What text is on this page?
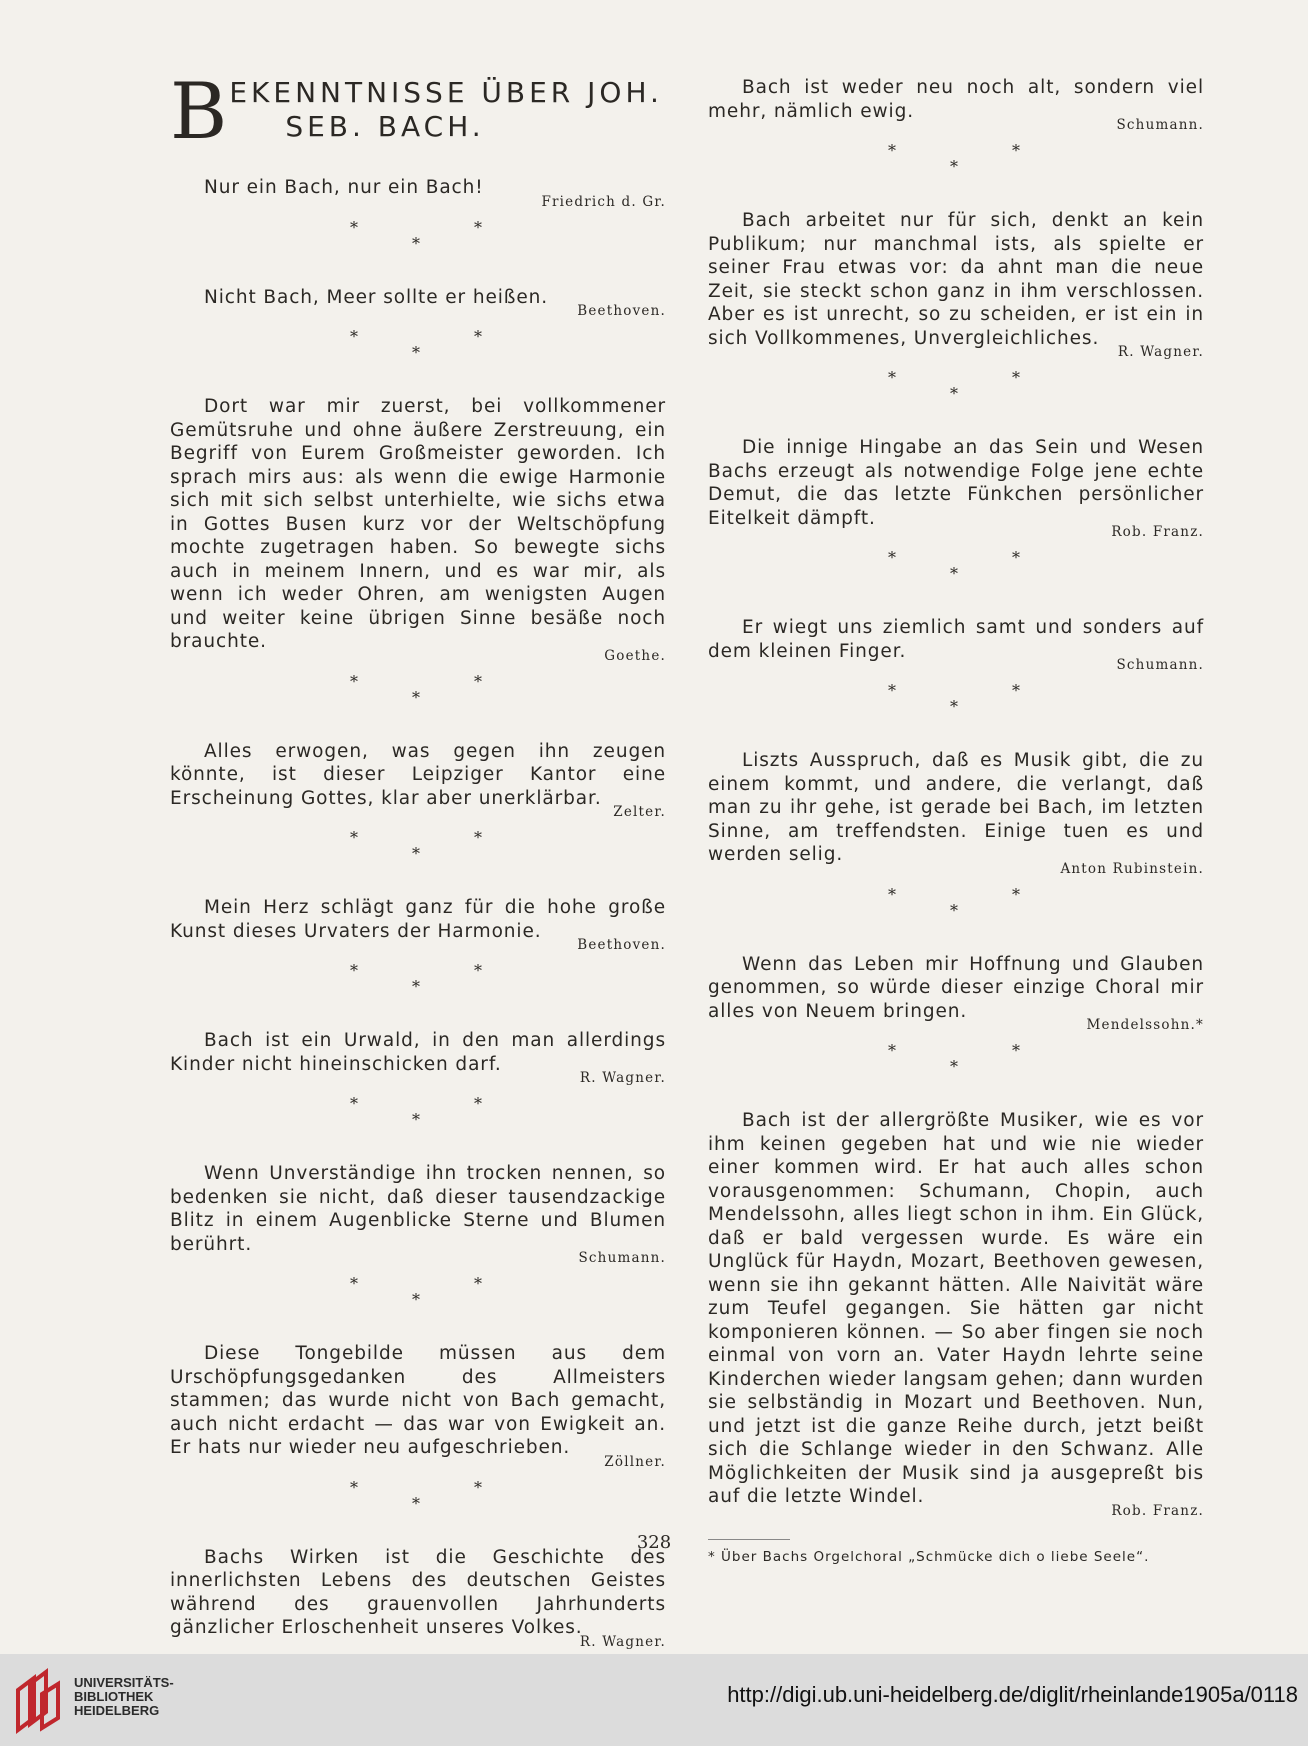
B EKENNTNISSE ÜBER JOH.
SEB. BACH.

Nur ein Bach, nur ein Bach!

Friedrich d. Gr.
*
*
*

Nicht Bach, Meer sollte er heißen.

Beethoven.
*
*
*

Dort war mir zuerst, bei vollkommener Gemütsruhe und ohne äußere Zerstreuung, ein Begriff von Eurem Großmeister geworden. Ich sprach mirs aus: als wenn die ewige Harmonie sich mit sich selbst unterhielte, wie sichs etwa in Gottes Busen kurz vor der Weltschöpfung mochte zugetragen haben. So bewegte sichs auch in meinem Innern, und es war mir, als wenn ich weder Ohren, am wenigsten Augen und weiter keine übrigen Sinne besäße noch brauchte.

Goethe.
*
*
*

Alles erwogen, was gegen ihn zeugen könnte, ist dieser Leipziger Kantor eine Erscheinung Gottes, klar aber unerklärbar.

Zelter.
*
*
*

Mein Herz schlägt ganz für die hohe große Kunst dieses Urvaters der Harmonie.

Beethoven.
*
*
*

Bach ist ein Urwald, in den man allerdings Kinder nicht hineinschicken darf.

R. Wagner.
*
*
*

Wenn Unverständige ihn trocken nennen, so bedenken sie nicht, daß dieser tausendzackige Blitz in einem Augenblicke Sterne und Blumen berührt.

Schumann.
*
*
*

Diese Tongebilde müssen aus dem Urschöpfungsgedanken des Allmeisters stammen; das wurde nicht von Bach gemacht, auch nicht erdacht — das war von Ewigkeit an. Er hats nur wieder neu aufgeschrieben.

Zöllner.
*
*
*

Bachs Wirken ist die Geschichte des innerlichsten Lebens des deutschen Geistes während des grauenvollen Jahrhunderts gänzlicher Erloschenheit unseres Volkes.

R. Wagner.

Bach ist weder neu noch alt, sondern viel mehr, nämlich ewig.

Schumann.
*
*
*

Bach arbeitet nur für sich, denkt an kein Publikum; nur manchmal ists, als spielte er seiner Frau etwas vor: da ahnt man die neue Zeit, sie steckt schon ganz in ihm verschlossen. Aber es ist unrecht, so zu scheiden, er ist ein in sich Vollkommenes, Unvergleichliches.

R. Wagner.
*
*
*

Die innige Hingabe an das Sein und Wesen Bachs erzeugt als notwendige Folge jene echte Demut, die das letzte Fünkchen persönlicher Eitelkeit dämpft.

Rob. Franz.
*
*
*

Er wiegt uns ziemlich samt und sonders auf dem kleinen Finger.

Schumann.
*
*
*

Liszts Ausspruch, daß es Musik gibt, die zu einem kommt, und andere, die verlangt, daß man zu ihr gehe, ist gerade bei Bach, im letzten Sinne, am treffendsten. Einige tuen es und werden selig.

Anton Rubinstein.
*
*
*

Wenn das Leben mir Hoffnung und Glauben genommen, so würde dieser einzige Choral mir alles von Neuem bringen.

Mendelssohn.*
*
*
*

Bach ist der allergrößte Musiker, wie es vor ihm keinen gegeben hat und wie nie wieder einer kommen wird. Er hat auch alles schon vorausgenommen: Schumann, Chopin, auch Mendelssohn, alles liegt schon in ihm. Ein Glück, daß er bald vergessen wurde. Es wäre ein Unglück für Haydn, Mozart, Beethoven gewesen, wenn sie ihn gekannt hätten. Alle Naivität wäre zum Teufel gegangen. Sie hätten gar nicht komponieren können. — So aber fingen sie noch einmal von vorn an. Vater Haydn lehrte seine Kinderchen wieder langsam gehen; dann wurden sie selbständig in Mozart und Beethoven. Nun, und jetzt ist die ganze Reihe durch, jetzt beißt sich die Schlange wieder in den Schwanz. Alle Möglichkeiten der Musik sind ja ausgepreßt bis auf die letzte Windel.

Rob. Franz.
* Über Bachs Orgelchoral „Schmücke dich o liebe Seele“.
328
UNIVERSITÄTS-
BIBLIOTHEK
HEIDELBERG
http://digi.ub.uni-heidelberg.de/diglit/rheinlande1905a/0118
